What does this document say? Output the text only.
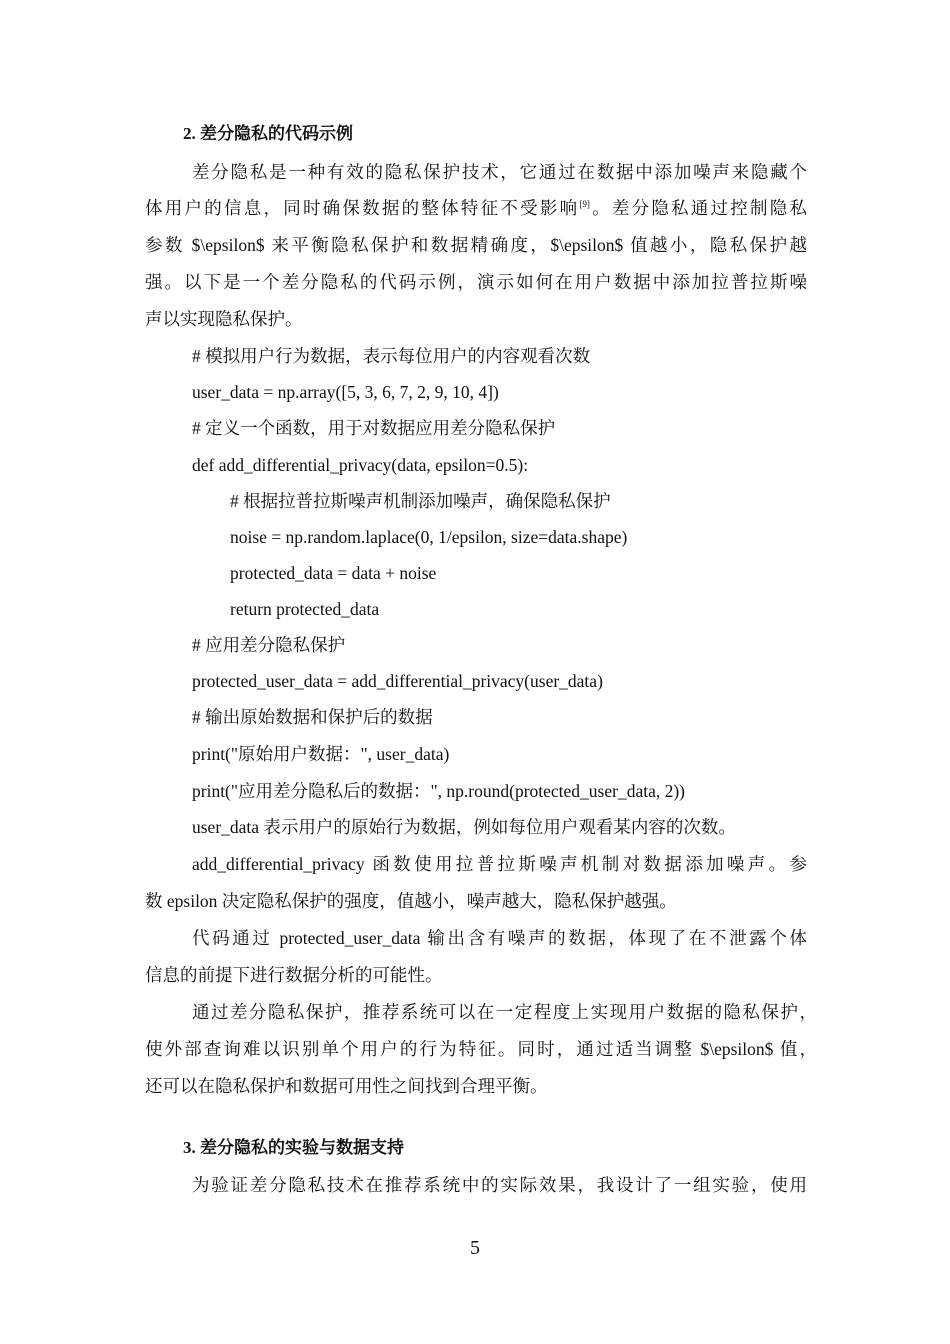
2. 差分隐私的代码示例
差分隐私是一种有效的隐私保护技术，它通过在数据中添加噪声来隐藏个
体用户的信息，同时确保数据的整体特征不受影响[9]。差分隐私通过控制隐私
参数 $\epsilon$ 来平衡隐私保护和数据精确度，$\epsilon$ 值越小，隐私保护越
强。以下是一个差分隐私的代码示例，演示如何在用户数据中添加拉普拉斯噪
声以实现隐私保护。
# 模拟用户行为数据，表示每位用户的内容观看次数
user_data = np.array([5, 3, 6, 7, 2, 9, 10, 4])
# 定义一个函数，用于对数据应用差分隐私保护
def add_differential_privacy(data, epsilon=0.5):
# 根据拉普拉斯噪声机制添加噪声，确保隐私保护
noise = np.random.laplace(0, 1/epsilon, size=data.shape)
protected_data = data + noise
return protected_data
# 应用差分隐私保护
protected_user_data = add_differential_privacy(user_data)
# 输出原始数据和保护后的数据
print("原始用户数据：", user_data)
print("应用差分隐私后的数据：", np.round(protected_user_data, 2))
user_data 表示用户的原始行为数据，例如每位用户观看某内容的次数。
add_differential_privacy 函数使用拉普拉斯噪声机制对数据添加噪声。参
数 epsilon 决定隐私保护的强度，值越小，噪声越大，隐私保护越强。
代码通过 protected_user_data 输出含有噪声的数据，体现了在不泄露个体
信息的前提下进行数据分析的可能性。
通过差分隐私保护，推荐系统可以在一定程度上实现用户数据的隐私保护，
使外部查询难以识别单个用户的行为特征。同时，通过适当调整 $\epsilon$ 值，
还可以在隐私保护和数据可用性之间找到合理平衡。
3. 差分隐私的实验与数据支持
为验证差分隐私技术在推荐系统中的实际效果，我设计了一组实验，使用
5
